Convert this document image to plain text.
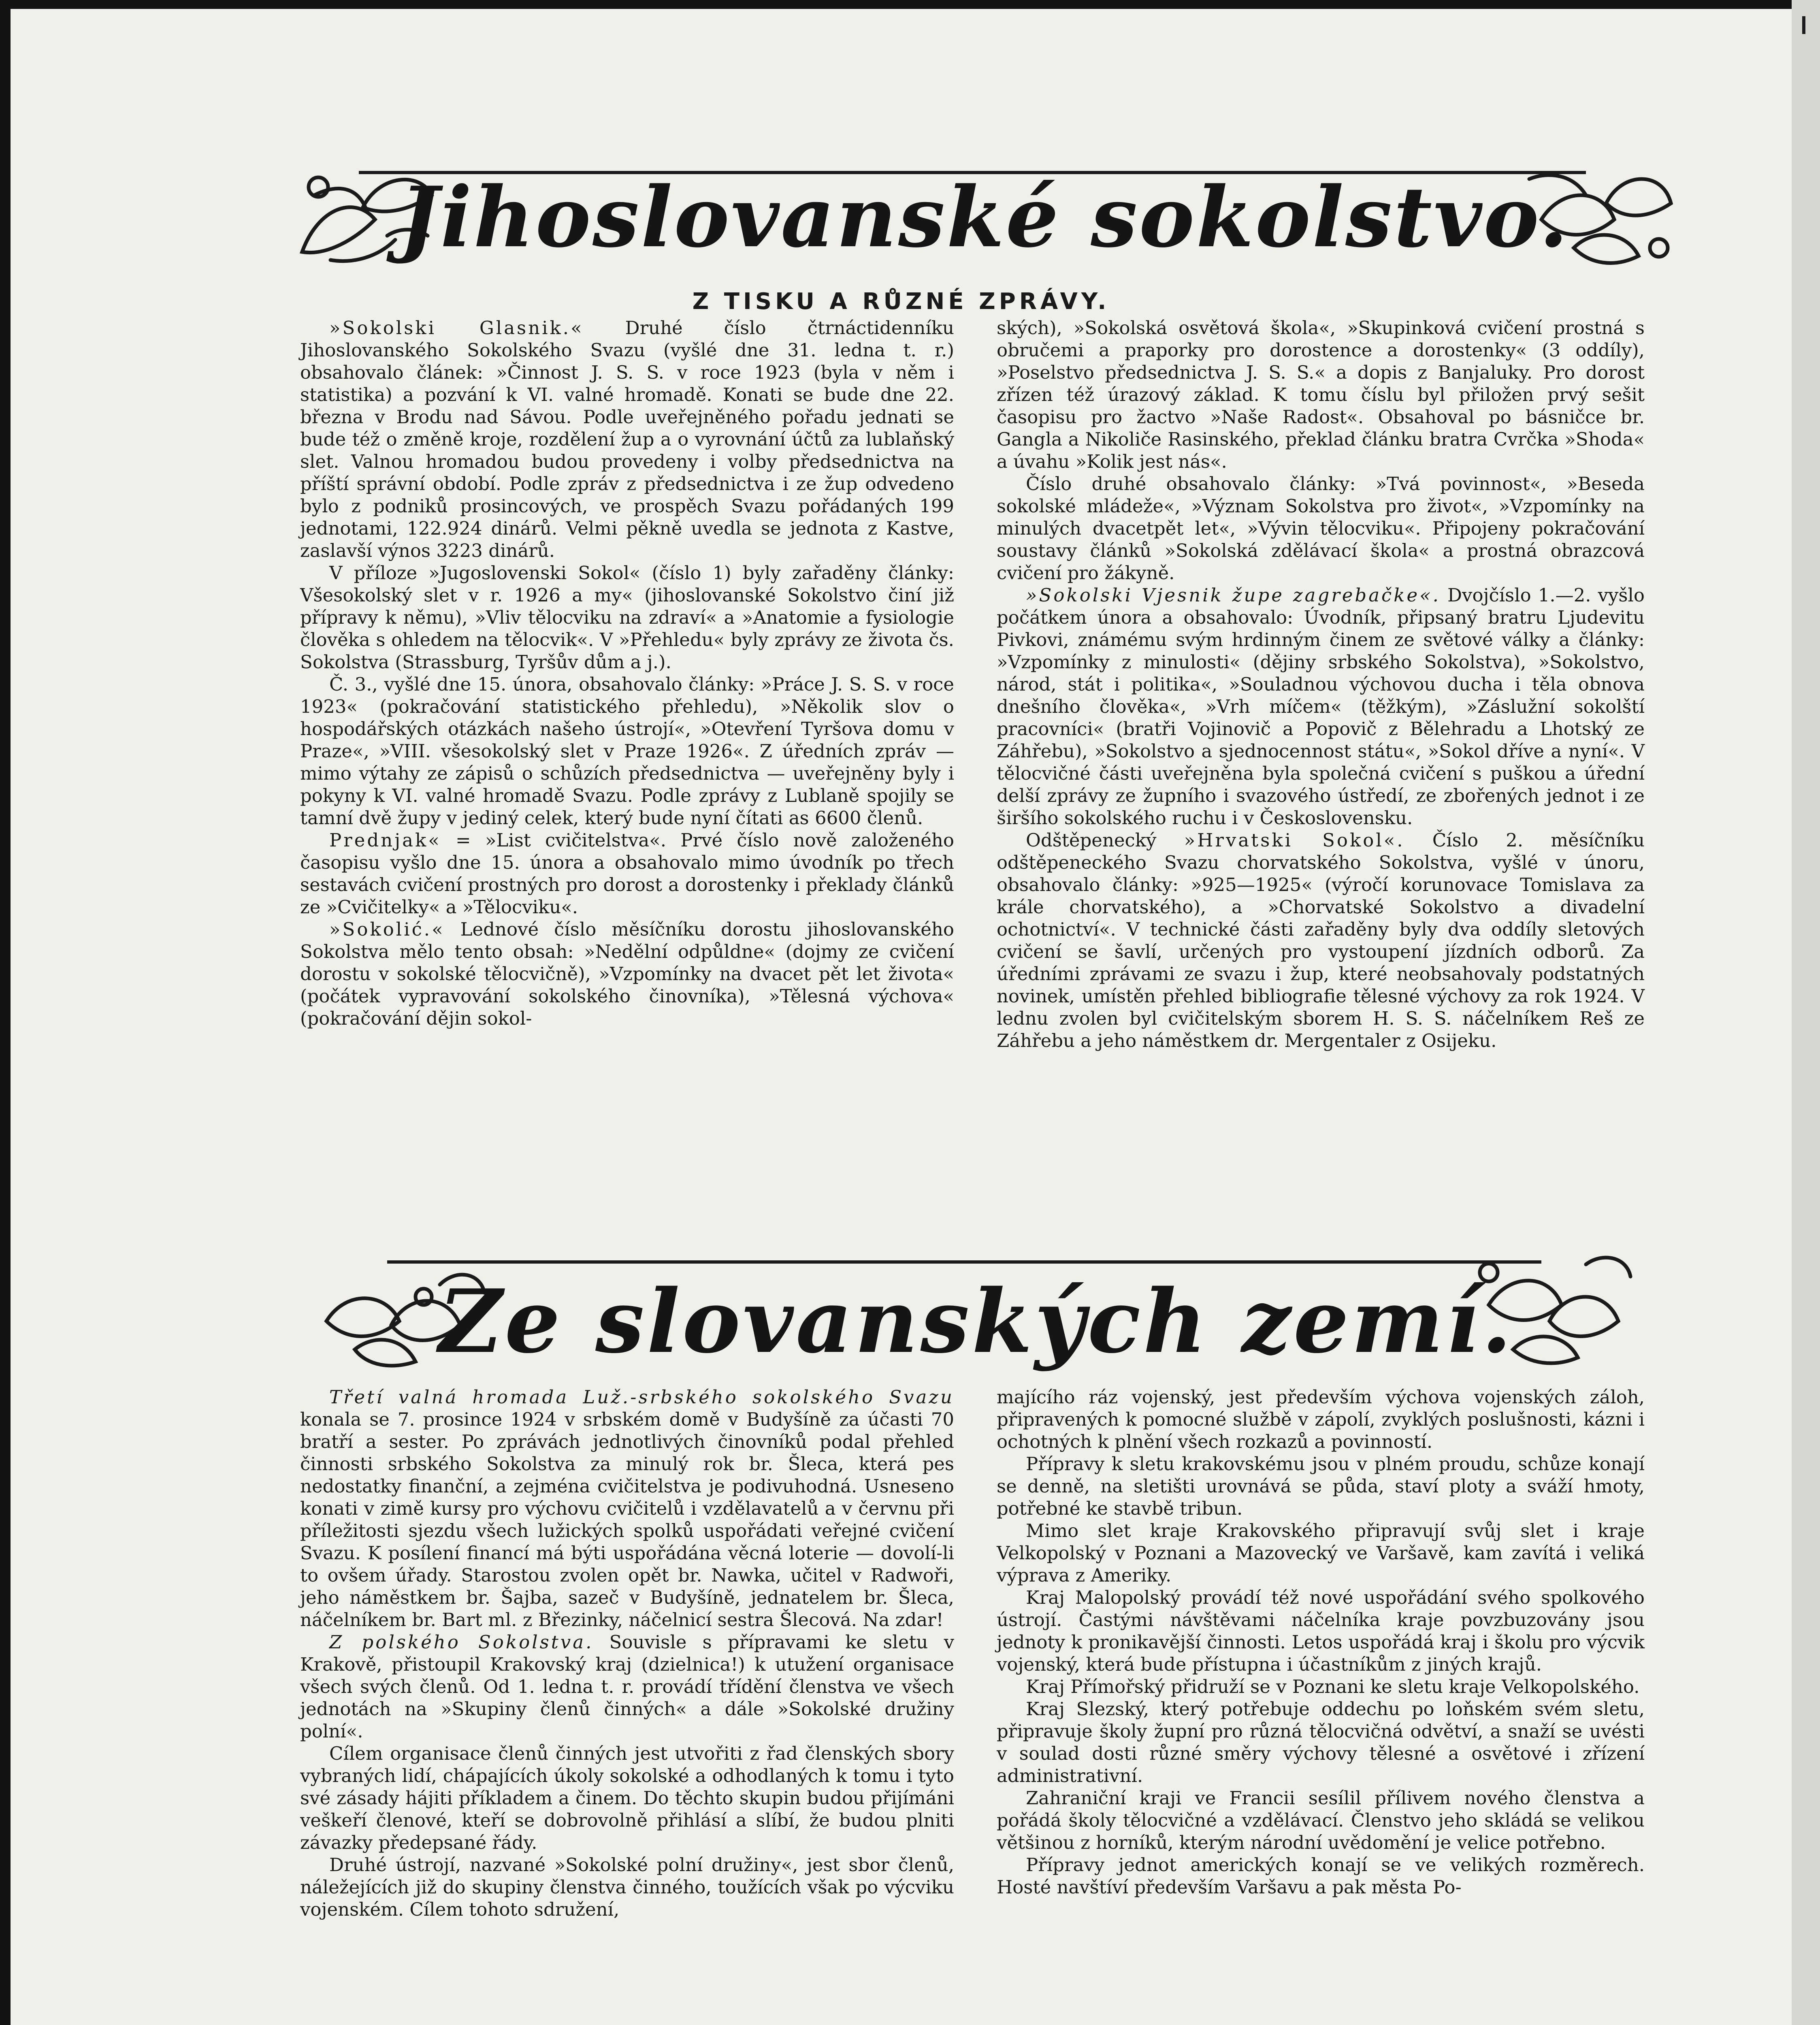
Jihoslovanské sokolstvo.
Z TISKU A RŮZNÉ ZPRÁVY.

»Sokolski Glasnik.« Druhé číslo čtrnáctidenníku Jihoslovanského Sokolského Svazu (vyšlé dne 31. ledna t. r.) obsahovalo článek: »Činnost J. S. S. v roce 1923 (byla v něm i statistika) a pozvání k VI. valné hromadě. Konati se bude dne 22. března v Brodu nad Sávou. Podle uveřejněného pořadu jednati se bude též o změně kroje, rozdělení žup a o vyrovnání účtů za lublaňský slet. Valnou hromadou budou provedeny i volby předsednictva na příští správní období. Podle zpráv z předsednictva i ze žup odvedeno bylo z podniků prosincových, ve prospěch Svazu pořádaných 199 jednotami, 122.924 dinárů. Velmi pěkně uvedla se jednota z Kastve, zaslavší výnos 3223 dinárů.

V příloze »Jugoslovenski Sokol« (číslo 1) byly zařaděny články: Všesokolský slet v r. 1926 a my« (jihoslovanské Sokolstvo činí již přípravy k němu), »Vliv tělocviku na zdraví« a »Anatomie a fysiologie člověka s ohledem na tělocvik«. V »Přehledu« byly zprávy ze života čs. Sokolstva (Strassburg, Tyršův dům a j.).

Č. 3., vyšlé dne 15. února, obsahovalo články: »Práce J. S. S. v roce 1923« (pokračování statistického přehledu), »Několik slov o hospodářských otázkách našeho ústrojí«, »Otevření Tyršova domu v Praze«, »VIII. všesokolský slet v Praze 1926«. Z úředních zpráv — mimo výtahy ze zápisů o schůzích předsednictva — uveřejněny byly i pokyny k VI. valné hromadě Svazu. Podle zprávy z Lublaně spojily se tamní dvě župy v jediný celek, který bude nyní čítati as 6600 členů.

Prednjak« = »List cvičitelstva«. Prvé číslo nově založeného časopisu vyšlo dne 15. února a obsahovalo mimo úvodník po třech sestavách cvičení prostných pro dorost a dorostenky i překlady článků ze »Cvičitelky« a »Tělocviku«.

»Sokolić.« Lednové číslo měsíčníku dorostu jihoslovanského Sokolstva mělo tento obsah: »Nedělní odpůldne« (dojmy ze cvičení dorostu v sokolské tělocvičně), »Vzpomínky na dvacet pět let života« (počátek vypravování sokolského činovníka), »Tělesná výchova« (pokračování dějin sokol-

ských), »Sokolská osvětová škola«, »Skupinková cvičení prostná s obručemi a praporky pro dorostence a dorostenky« (3 oddíly), »Poselstvo předsednictva J. S. S.« a dopis z Banjaluky. Pro dorost zřízen též úrazový základ. K tomu číslu byl přiložen prvý sešit časopisu pro žactvo »Naše Radost«. Obsahoval po básničce br. Gangla a Nikoliče Rasinského, překlad článku bratra Cvrčka »Shoda« a úvahu »Kolik jest nás«.

Číslo druhé obsahovalo články: »Tvá povinnost«, »Beseda sokolské mládeže«, »Význam Sokolstva pro život«, »Vzpomínky na minulých dvacetpět let«, »Vývin tělocviku«. Připojeny pokračování soustavy článků »Sokolská zdělávací škola« a prostná obrazcová cvičení pro žákyně.

»Sokolski Vjesnik župe zagrebačke«. Dvojčíslo 1.—2. vyšlo počátkem února a obsahovalo: Úvodník, připsaný bratru Ljudevitu Pivkovi, známému svým hrdinným činem ze světové války a články: »Vzpomínky z minulosti« (dějiny srbského Sokolstva), »Sokolstvo, národ, stát i politika«, »Souladnou výchovou ducha i těla obnova dnešního člověka«, »Vrh míčem« (těžkým), »Záslužní sokolští pracovníci« (bratři Vojinovič a Popovič z Bělehradu a Lhotský ze Záhřebu), »Sokolstvo a sjednocennost státu«, »Sokol dříve a nyní«. V tělocvičné části uveřejněna byla společná cvičení s puškou a úřední delší zprávy ze župního i svazového ústředí, ze zbořených jednot i ze širšího sokolského ruchu i v Československu.

Odštěpenecký »Hrvatski Sokol«. Číslo 2. měsíčníku odštěpeneckého Svazu chorvatského Sokolstva, vyšlé v únoru, obsahovalo články: »925—1925« (výročí korunovace Tomislava za krále chorvatského), a »Chorvatské Sokolstvo a divadelní ochotnictví«. V technické části zařaděny byly dva oddíly sletových cvičení se šavlí, určených pro vystoupení jízdních odborů. Za úředními zprávami ze svazu i žup, které neobsahovaly podstatných novinek, umístěn přehled bibliografie tělesné výchovy za rok 1924. V lednu zvolen byl cvičitelským sborem H. S. S. náčelníkem Reš ze Záhřebu a jeho náměstkem dr. Mergentaler z Osijeku.

Ze slovanských zemí.

Třetí valná hromada Luž.-srbského sokolského Svazu konala se 7. prosince 1924 v srbském domě v Budyšíně za účasti 70 bratří a sester. Po zprávách jednotlivých činovníků podal přehled činnosti srbského Sokolstva za minulý rok br. Šleca, která pes nedostatky finanční, a zejména cvičitelstva je podivuhodná. Usneseno konati v zimě kursy pro výchovu cvičitelů i vzdělavatelů a v červnu při příležitosti sjezdu všech lužických spolků uspořádati veřejné cvičení Svazu. K posílení financí má býti uspořádána věcná loterie — dovolí-li to ovšem úřady. Starostou zvolen opět br. Nawka, učitel v Radwoři, jeho náměstkem br. Šajba, sazeč v Budyšíně, jednatelem br. Šleca, náčelníkem br. Bart ml. z Březinky, náčelnicí sestra Šlecová. Na zdar!

Z polského Sokolstva. Souvisle s přípravami ke sletu v Krakově, přistoupil Krakovský kraj (dzielnica!) k utužení organisace všech svých členů. Od 1. ledna t. r. provádí třídění členstva ve všech jednotách na »Skupiny členů činných« a dále »Sokolské družiny polní«.

Cílem organisace členů činných jest utvořiti z řad členských sbory vybraných lidí, chápajících úkoly sokolské a odhodlaných k tomu i tyto své zásady hájiti příkladem a činem. Do těchto skupin budou přijímáni veškeří členové, kteří se dobrovolně přihlásí a slíbí, že budou plniti závazky předepsané řády.

Druhé ústrojí, nazvané »Sokolské polní družiny«, jest sbor členů, náležejících již do skupiny členstva činného, toužících však po výcviku vojenském. Cílem tohoto sdružení,

majícího ráz vojenský, jest především výchova vojenských záloh, připravených k pomocné službě v zápolí, zvyklých poslušnosti, kázni i ochotných k plnění všech rozkazů a povinností.

Přípravy k sletu krakovskému jsou v plném proudu, schůze konají se denně, na sletišti urovnává se půda, staví ploty a sváží hmoty, potřebné ke stavbě tribun.

Mimo slet kraje Krakovského připravují svůj slet i kraje Velkopolský v Poznani a Mazovecký ve Varšavě, kam zavítá i veliká výprava z Ameriky.

Kraj Malopolský provádí též nové uspořádání svého spolkového ústrojí. Častými návštěvami náčelníka kraje povzbuzovány jsou jednoty k pronikavější činnosti. Letos uspořádá kraj i školu pro výcvik vojenský, která bude přístupna i účastníkům z jiných krajů.

Kraj Přímořský přidruží se v Poznani ke sletu kraje Velkopolského.

Kraj Slezský, který potřebuje oddechu po loňském svém sletu, připravuje školy župní pro různá tělocvičná odvětví, a snaží se uvésti v soulad dosti různé směry výchovy tělesné a osvětové i zřízení administrativní.

Zahraniční kraji ve Francii sesílil přílivem nového členstva a pořádá školy tělocvičné a vzdělávací. Členstvo jeho skládá se velikou většinou z horníků, kterým národní uvědomění je velice potřebno.

Přípravy jednot amerických konají se ve velikých rozměrech. Hosté navštíví především Varšavu a pak města Po-
